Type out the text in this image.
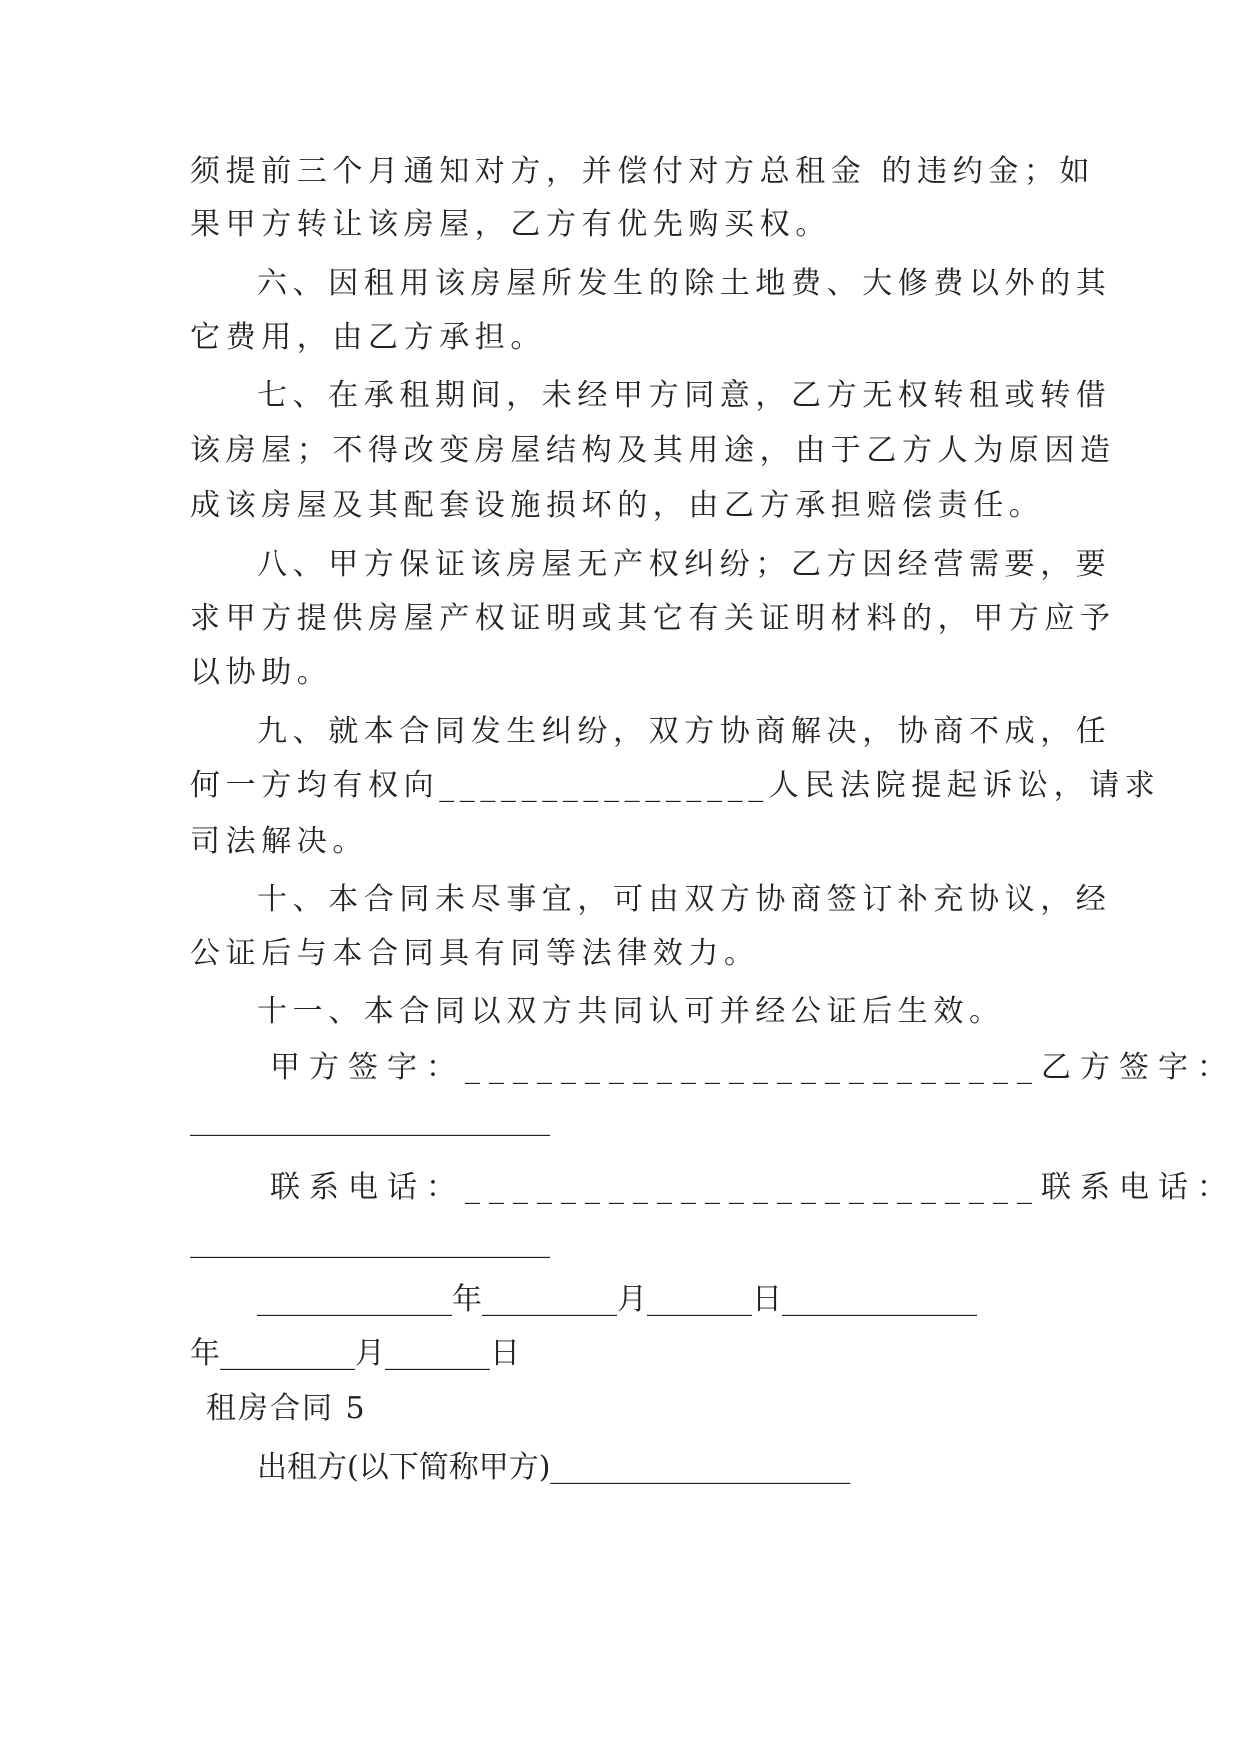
须提前三个月通知对方，并偿付对方总租金 的违约金；如
果甲方转让该房屋，乙方有优先购买权。
六、因租用该房屋所发生的除土地费、大修费以外的其
它费用，由乙方承担。
七、在承租期间，未经甲方同意，乙方无权转租或转借
该房屋；不得改变房屋结构及其用途，由于乙方人为原因造
成该房屋及其配套设施损坏的，由乙方承担赔偿责任。
八、甲方保证该房屋无产权纠纷；乙方因经营需要，要
求甲方提供房屋产权证明或其它有关证明材料的，甲方应予
以协助。
九、就本合同发生纠纷，双方协商解决，协商不成，任
何一方均有权向________________人民法院提起诉讼，请求
司法解决。
十、本合同未尽事宜，可由双方协商签订补充协议，经
公证后与本合同具有同等法律效力。
十一、本合同以双方共同认可并经公证后生效。
甲方签字：________________________乙方签字：
________________________
联系电话：________________________联系电话：
________________________
_____________年_________月_______日_____________
年_________月_______日
租房合同 5
出租方(以下简称甲方)____________________
